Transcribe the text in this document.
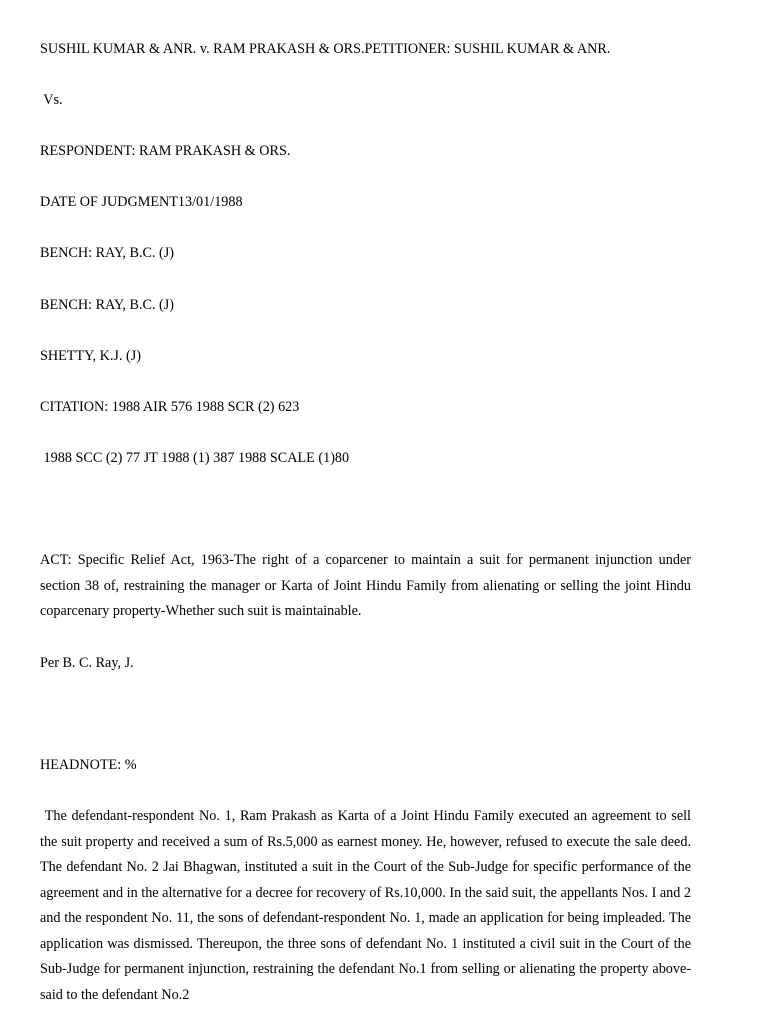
SUSHIL KUMAR & ANR. v. RAM PRAKASH & ORS.PETITIONER: SUSHIL KUMAR & ANR.
Vs.
RESPONDENT: RAM PRAKASH & ORS.
DATE OF JUDGMENT13/01/1988
BENCH: RAY, B.C. (J)
BENCH: RAY, B.C. (J)
SHETTY, K.J. (J)
CITATION: 1988 AIR 576 1988 SCR (2) 623
1988 SCC (2) 77 JT 1988 (1) 387 1988 SCALE (1)80
ACT: Specific Relief Act, 1963-The right of a coparcener to maintain a suit for permanent injunction under section 38 of, restraining the manager or Karta of Joint Hindu Family from alienating or selling the joint Hindu coparcenary property-Whether such suit is maintainable.
Per B. C. Ray, J.
HEADNOTE: %
The defendant-respondent No. 1, Ram Prakash as Karta of a Joint Hindu Family executed an agreement to sell the suit property and received a sum of Rs.5,000 as earnest money. He, however, refused to execute the sale deed. The defendant No. 2 Jai Bhagwan, instituted a suit in the Court of the Sub-Judge for specific performance of the agreement and in the alternative for a decree for recovery of Rs.10,000. In the said suit, the appellants Nos. I and 2 and the respondent No. 11, the sons of defendant-respondent No. 1, made an application for being impleaded. The application was dismissed. Thereupon, the three sons of defendant No. 1 instituted a civil suit in the Court of the Sub-Judge for permanent injunction, restraining the defendant No.1 from selling or alienating the property above-said to the defendant No.2
